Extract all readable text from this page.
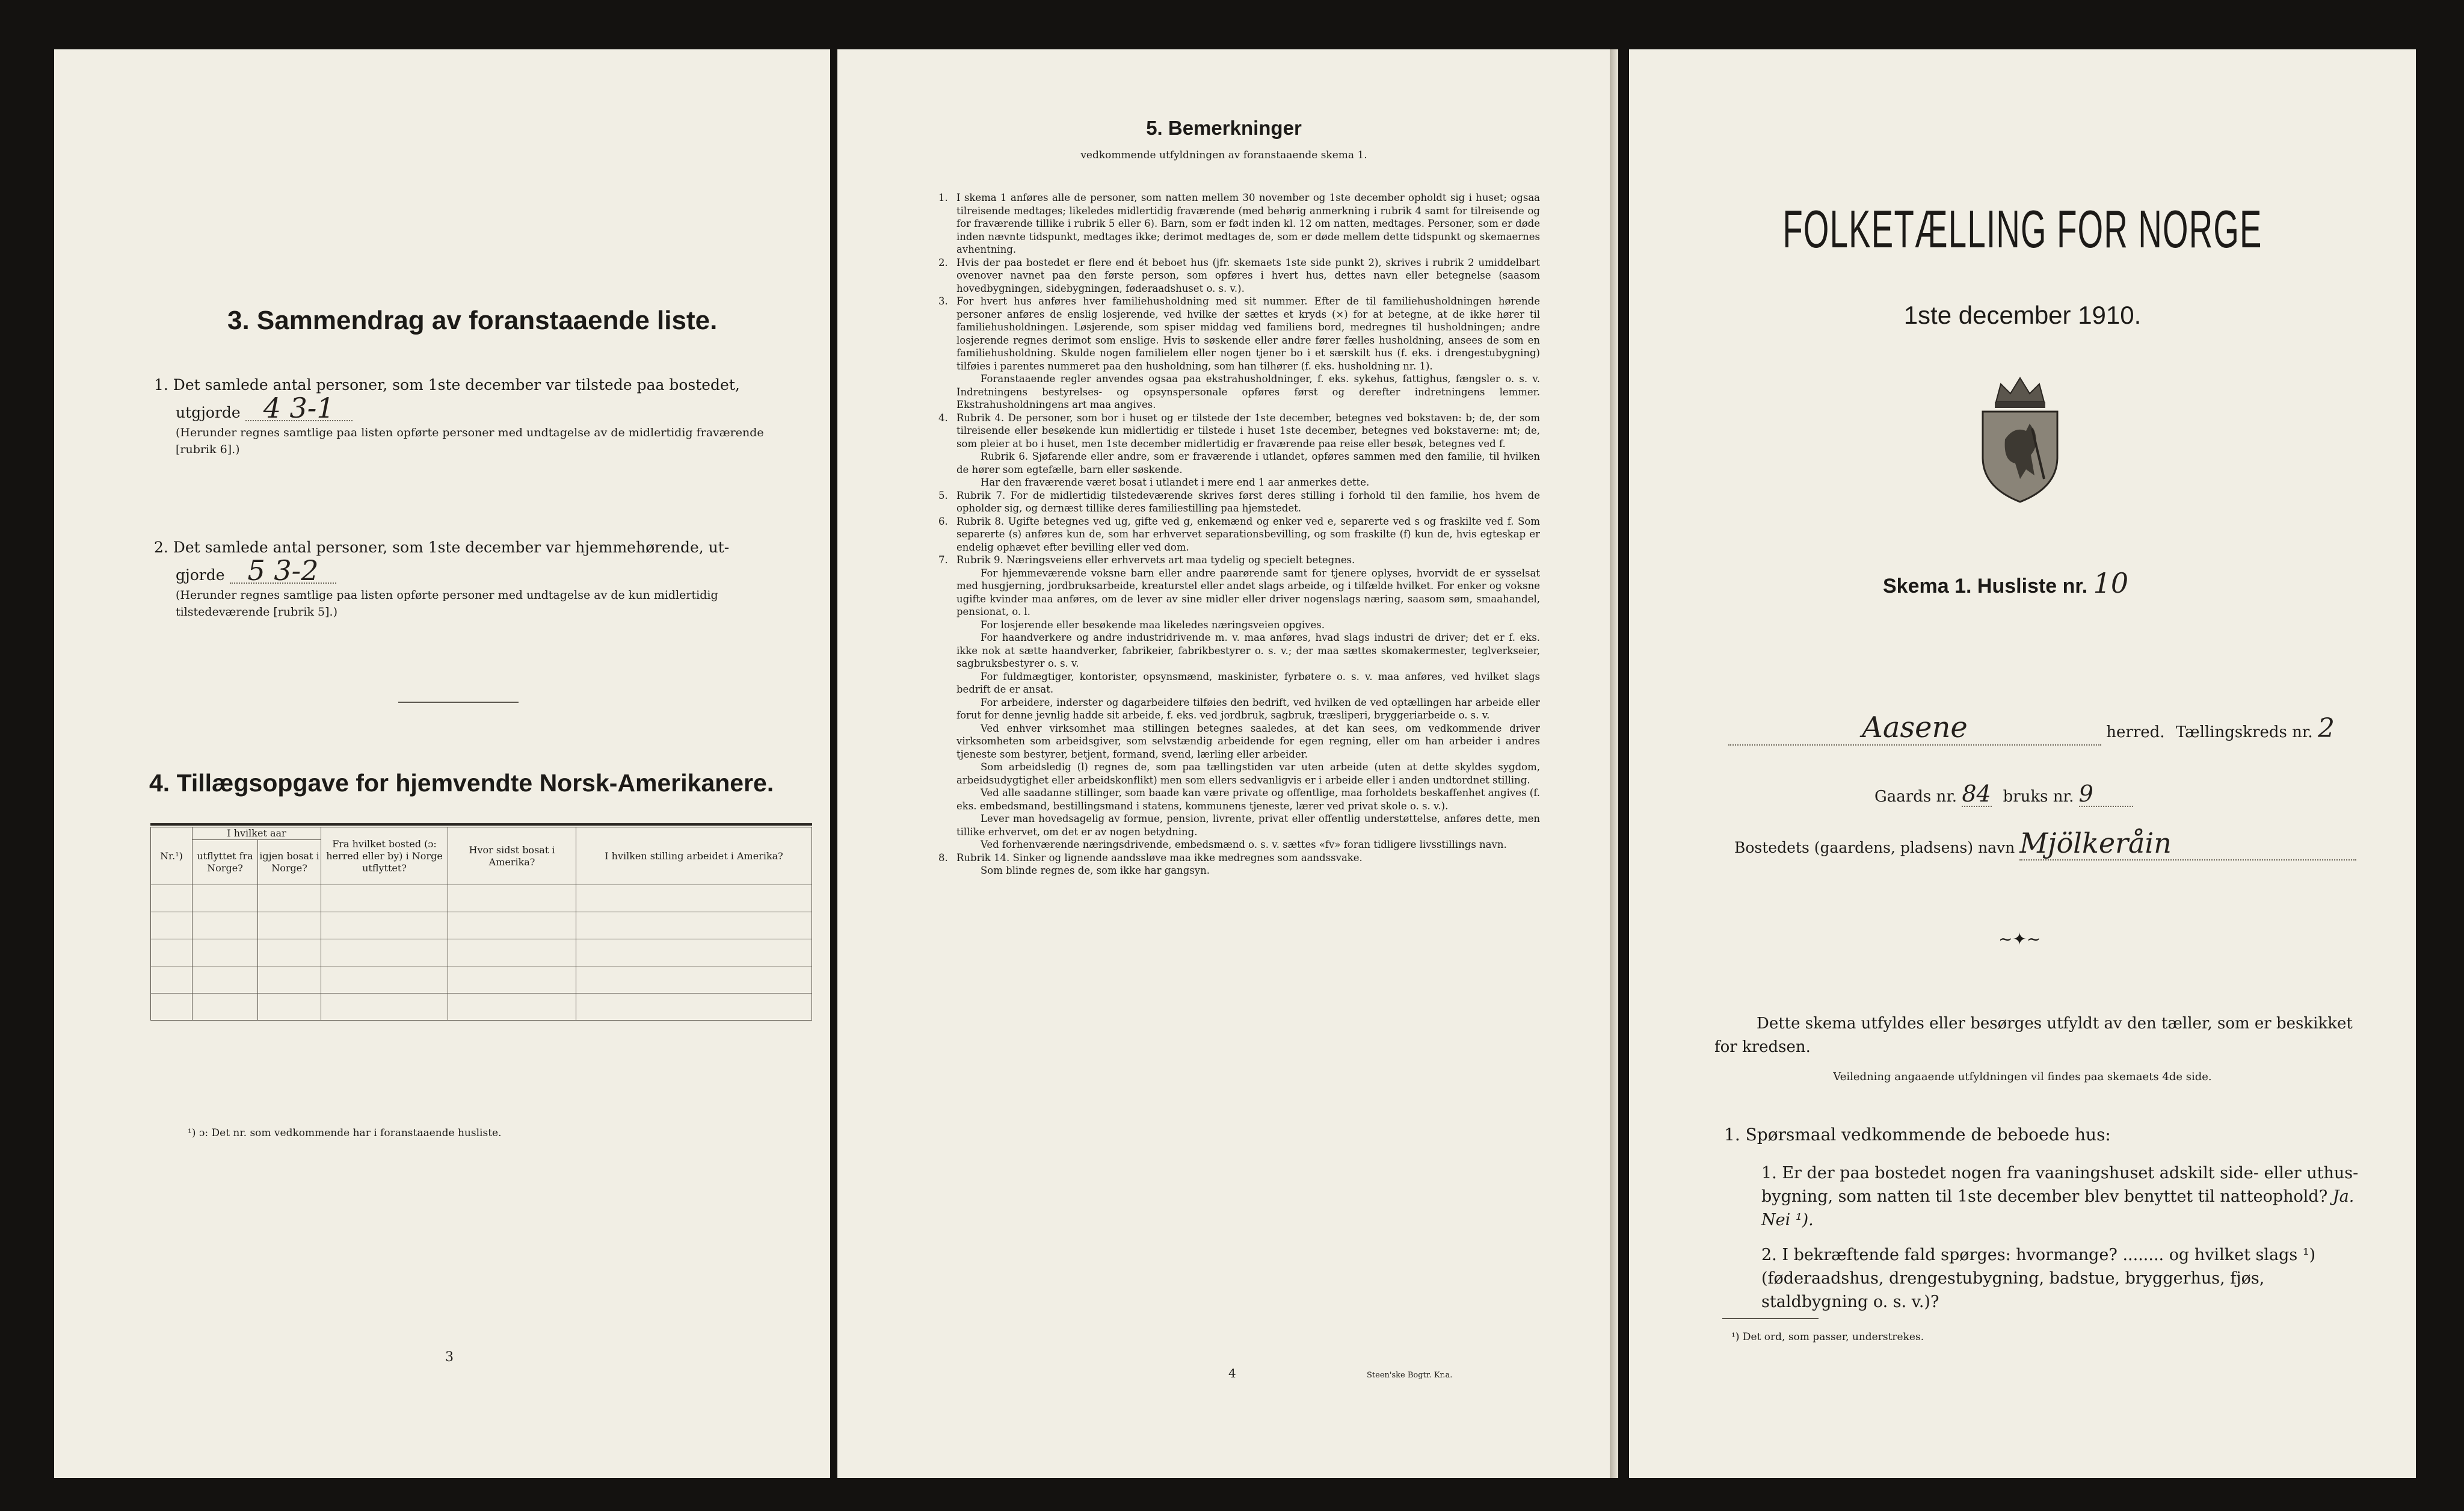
3. Sammendrag av foranstaaende liste.
1. Det samlede antal personer, som 1ste december var tilstede paa bostedet,
utgjorde 4 3-1
(Herunder regnes samtlige paa listen opførte personer med undtagelse av de midlertidig fraværende [rubrik 6].)
2. Det samlede antal personer, som 1ste december var hjemmehørende, ut-
gjorde 5 3-2
(Herunder regnes samtlige paa listen opførte personer med undtagelse av de kun midlertidig tilstedeværende [rubrik 5].)
4. Tillægsopgave for hjemvendte Norsk-Amerikanere.
Nr.¹)	I hvilket aar		Fra hvilket bosted (ɔ: herred eller by) i Norge utflyttet?	Hvor sidst bosat i Amerika?	I hvilken stilling arbeidet i Amerika?
	utflyttet fra Norge?	igjen bosat i Norge?			

¹) ɔ: Det nr. som vedkommende har i foranstaaende husliste.
3
5. Bemerkninger
vedkommende utfyldningen av foranstaaende skema 1.
1. I skema 1 anføres alle de personer, som natten mellem 30 november og 1ste december opholdt sig i huset; ogsaa tilreisende medtages; likeledes midlertidig fraværende (med behørig anmerkning i rubrik 4 samt for tilreisende og for fraværende tillike i rubrik 5 eller 6). Barn, som er født inden kl. 12 om natten, medtages. Personer, som er døde inden nævnte tidspunkt, medtages ikke; derimot medtages de, som er døde mellem dette tidspunkt og skemaernes avhentning.
2. Hvis der paa bostedet er flere end ét beboet hus (jfr. skemaets 1ste side punkt 2), skrives i rubrik 2 umiddelbart ovenover navnet paa den første person, som opføres i hvert hus, dettes navn eller betegnelse (saasom hovedbygningen, sidebygningen, føderaadshuset o. s. v.).
3. For hvert hus anføres hver familiehusholdning med sit nummer. Efter de til familiehusholdningen hørende personer anføres de enslig losjerende, ved hvilke der sættes et kryds (×) for at betegne, at de ikke hører til familiehusholdningen. Løsjerende, som spiser middag ved familiens bord, medregnes til husholdningen; andre losjerende regnes derimot som enslige. Hvis to søskende eller andre fører fælles husholdning, ansees de som en familiehusholdning. Skulde nogen familielem eller nogen tjener bo i et særskilt hus (f. eks. i drengestubygning) tilføies i parentes nummeret paa den husholdning, som han tilhører (f. eks. husholdning nr. 1).
Foranstaaende regler anvendes ogsaa paa ekstrahusholdninger, f. eks. sykehus, fattighus, fængsler o. s. v. Indretningens bestyrelses- og opsynspersonale opføres først og derefter indretningens lemmer. Ekstrahusholdningens art maa angives.
4. Rubrik 4. De personer, som bor i huset og er tilstede der 1ste december, betegnes ved bokstaven: b; de, der som tilreisende eller besøkende kun midlertidig er tilstede i huset 1ste december, betegnes ved bokstaverne: mt; de, som pleier at bo i huset, men 1ste december midlertidig er fraværende paa reise eller besøk, betegnes ved f.
Rubrik 6. Sjøfarende eller andre, som er fraværende i utlandet, opføres sammen med den familie, til hvilken de hører som egtefælle, barn eller søskende.
Har den fraværende været bosat i utlandet i mere end 1 aar anmerkes dette.
5. Rubrik 7. For de midlertidig tilstedeværende skrives først deres stilling i forhold til den familie, hos hvem de opholder sig, og dernæst tillike deres familiestilling paa hjemstedet.
6. Rubrik 8. Ugifte betegnes ved ug, gifte ved g, enkemænd og enker ved e, separerte ved s og fraskilte ved f. Som separerte (s) anføres kun de, som har erhvervet separationsbevilling, og som fraskilte (f) kun de, hvis egteskap er endelig ophævet efter bevilling eller ved dom.
7. Rubrik 9. Næringsveiens eller erhvervets art maa tydelig og specielt betegnes.
For hjemmeværende voksne barn eller andre paarørende samt for tjenere oplyses, hvorvidt de er sysselsat med husgjerning, jordbruksarbeide, kreaturstel eller andet slags arbeide, og i tilfælde hvilket. For enker og voksne ugifte kvinder maa anføres, om de lever av sine midler eller driver nogenslags næring, saasom søm, smaahandel, pensionat, o. l.
For losjerende eller besøkende maa likeledes næringsveien opgives.
For haandverkere og andre industridrivende m. v. maa anføres, hvad slags industri de driver; det er f. eks. ikke nok at sætte haandverker, fabrikeier, fabrikbestyrer o. s. v.; der maa sættes skomakermester, teglverkseier, sagbruksbestyrer o. s. v.
For fuldmægtiger, kontorister, opsynsmænd, maskinister, fyrbøtere o. s. v. maa anføres, ved hvilket slags bedrift de er ansat.
For arbeidere, inderster og dagarbeidere tilføies den bedrift, ved hvilken de ved optællingen har arbeide eller forut for denne jevnlig hadde sit arbeide, f. eks. ved jordbruk, sagbruk, træsliperi, bryggeriarbeide o. s. v.
Ved enhver virksomhet maa stillingen betegnes saaledes, at det kan sees, om vedkommende driver virksomheten som arbeidsgiver, som selvstændig arbeidende for egen regning, eller om han arbeider i andres tjeneste som bestyrer, betjent, formand, svend, lærling eller arbeider.
Som arbeidsledig (l) regnes de, som paa tællingstiden var uten arbeide (uten at dette skyldes sygdom, arbeidsudygtighet eller arbeidskonflikt) men som ellers sedvanligvis er i arbeide eller i anden undtordnet stilling.
Ved alle saadanne stillinger, som baade kan være private og offentlige, maa forholdets beskaffenhet angives (f. eks. embedsmand, bestillingsmand i statens, kommunens tjeneste, lærer ved privat skole o. s. v.).
Lever man hovedsagelig av formue, pension, livrente, privat eller offentlig understøttelse, anføres dette, men tillike erhvervet, om det er av nogen betydning.
Ved forhenværende næringsdrivende, embedsmænd o. s. v. sættes «fv» foran tidligere livsstillings navn.
8. Rubrik 14. Sinker og lignende aandssløve maa ikke medregnes som aandssvake.
Som blinde regnes de, som ikke har gangsyn.
4	Steen'ske Bogtr. Kr.a.
FOLKETÆLLING FOR NORGE
1ste december 1910.
Skema 1. Husliste nr. 10
Aasene	herred. Tællingskreds nr. 2
Gaards nr. 84 bruks nr. 9
Bostedets (gaardens, pladsens) navn Mjölkeråin
~✦~
Dette skema utfyldes eller besørges utfyldt av den tæller, som er beskikket for kredsen.
Veiledning angaaende utfyldningen vil findes paa skemaets 4de side.
1. Spørsmaal vedkommende de beboede hus:
1. Er der paa bostedet nogen fra vaaningshuset adskilt side- eller uthus-bygning, som natten til 1ste december blev benyttet til natteophold? Ja. Nei ¹).
2. I bekræftende fald spørges: hvormange? ........ og hvilket slags ¹) (føderaadshus, drengestubygning, badstue, bryggerhus, fjøs, staldbygning o. s. v.)?
¹) Det ord, som passer, understrekes.
